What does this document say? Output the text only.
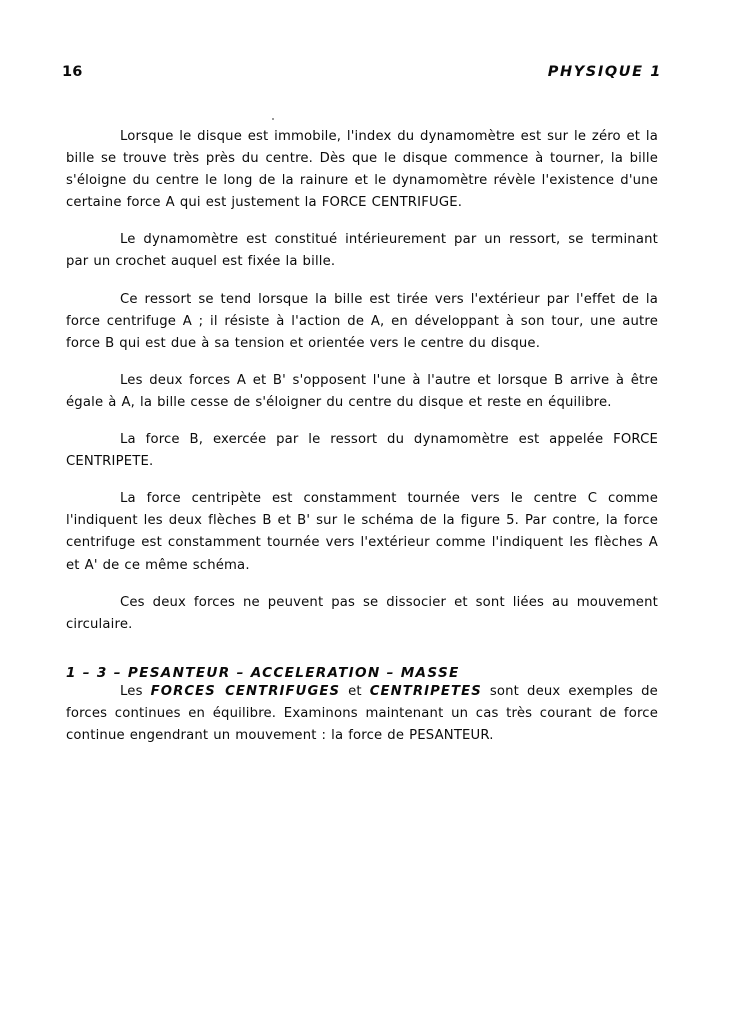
16	PHYSIQUE 1

Lorsque le disque est immobile, l'index du dynamomètre est sur le zéro et la bille se trouve très près du centre. Dès que le disque commence à tourner, la bille s'éloigne du centre le long de la rainure et le dynamomètre révèle l'existence d'une certaine force A qui est justement la FORCE CENTRIFUGE.

Le dynamomètre est constitué intérieurement par un ressort, se terminant par un crochet auquel est fixée la bille.

Ce ressort se tend lorsque la bille est tirée vers l'extérieur par l'effet de la force centrifuge A ; il résiste à l'action de A, en développant à son tour, une autre force B qui est due à sa tension et orientée vers le centre du disque.

Les deux forces A et B' s'opposent l'une à l'autre et lorsque B arrive à être égale à A, la bille cesse de s'éloigner du centre du disque et reste en équilibre.

La force B, exercée par le ressort du dynamomètre est appelée FORCE CENTRIPETE.

La force centripète est constamment tournée vers le centre C comme l'indiquent les deux flèches B et B' sur le schéma de la figure 5. Par contre, la force centrifuge est constamment tournée vers l'extérieur comme l'indiquent les flèches A et A' de ce même schéma.

Ces deux forces ne peuvent pas se dissocier et sont liées au mouvement circulaire.

1 – 3 – PESANTEUR – ACCELERATION – MASSE

Les FORCES CENTRIFUGES et CENTRIPETES sont deux exemples de forces continues en équilibre. Examinons maintenant un cas très courant de force continue engendrant un mouvement : la force de PESANTEUR.
